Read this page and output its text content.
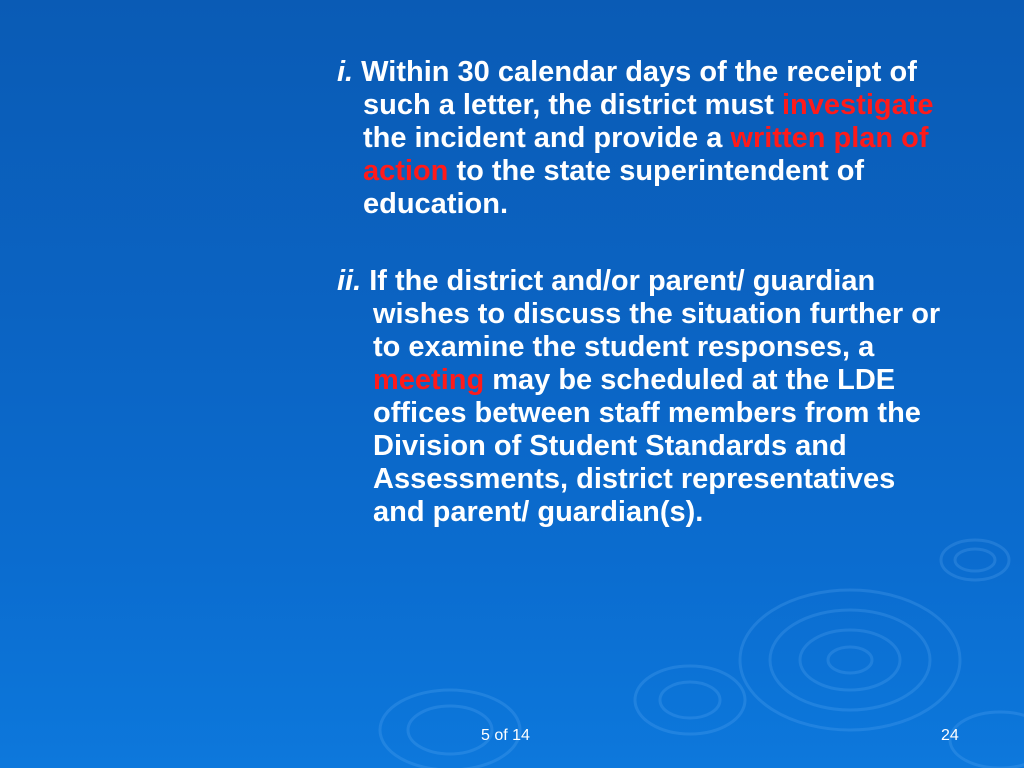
i. Within 30 calendar days of the receipt of such a letter, the district must investigate the incident and provide a written plan of action to the state superintendent of education.

ii. If the district and/or parent/ guardian wishes to discuss the situation further or to examine the student responses, a meeting may be scheduled at the LDE offices between staff members from the Division of Student Standards and Assessments, district representatives and parent/ guardian(s).

5 of 14	24
